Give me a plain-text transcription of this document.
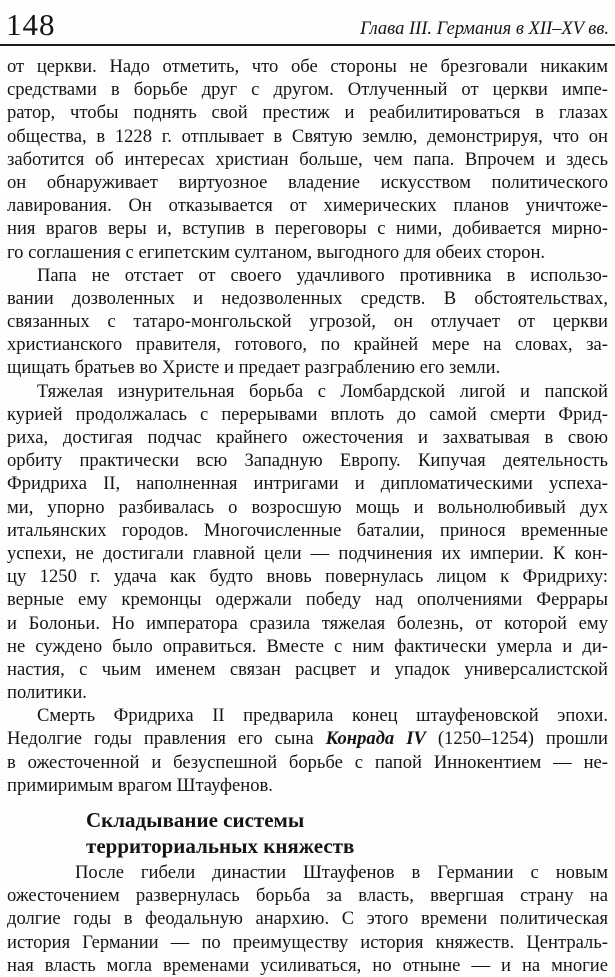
148	Глава III. Германия в XII–XV вв.
от церкви. Надо отметить, что обе стороны не брезговали никаким
средствами в борьбе друг с другом. Отлученный от церкви импе-
ратор, чтобы поднять свой престиж и реабилитироваться в глазах
общества, в 1228 г. отплывает в Святую землю, демонстрируя, что он
заботится об интересах христиан больше, чем папа. Впрочем и здесь
он обнаруживает виртуозное владение искусством политического
лавирования. Он отказывается от химерических планов уничтоже-
ния врагов веры и, вступив в переговоры с ними, добивается мирно-
го соглашения с египетским султаном, выгодного для обеих сторон.
Папа не отстает от своего удачливого противника в использо-
вании дозволенных и недозволенных средств. В обстоятельствах,
связанных с татаро-монгольской угрозой, он отлучает от церкви
христианского правителя, готового, по крайней мере на словах, за-
щищать братьев во Христе и предает разграблению его земли.
Тяжелая изнурительная борьба с Ломбардской лигой и папской
курией продолжалась с перерывами вплоть до самой смерти Фрид-
риха, достигая подчас крайнего ожесточения и захватывая в свою
орбиту практически всю Западную Европу. Кипучая деятельность
Фридриха II, наполненная интригами и дипломатическими успеха-
ми, упорно разбивалась о возросшую мощь и вольнолюбивый дух
итальянских городов. Многочисленные баталии, принося временные
успехи, не достигали главной цели — подчинения их империи. К кон-
цу 1250 г. удача как будто вновь повернулась лицом к Фридриху:
верные ему кремонцы одержали победу над ополчениями Феррары
и Болоньи. Но императора сразила тяжелая болезнь, от которой ему
не суждено было оправиться. Вместе с ним фактически умерла и ди-
настия, с чьим именем связан расцвет и упадок универсалистской
политики.
Смерть Фридриха II предварила конец штауфеновской эпохи.
Недолгие годы правления его сына Конрада IV (1250–1254) прошли
в ожесточенной и безуспешной борьбе с папой Иннокентием — не-
примиримым врагом Штауфенов.
Складывание системы
территориальных княжеств
После гибели династии Штауфенов в Германии с новым
ожесточением развернулась борьба за власть, ввергшая страну на
долгие годы в феодальную анархию. С этого времени политическая
история Германии — по преимуществу история княжеств. Централь-
ная власть могла временами усиливаться, но отныне — и на многие
